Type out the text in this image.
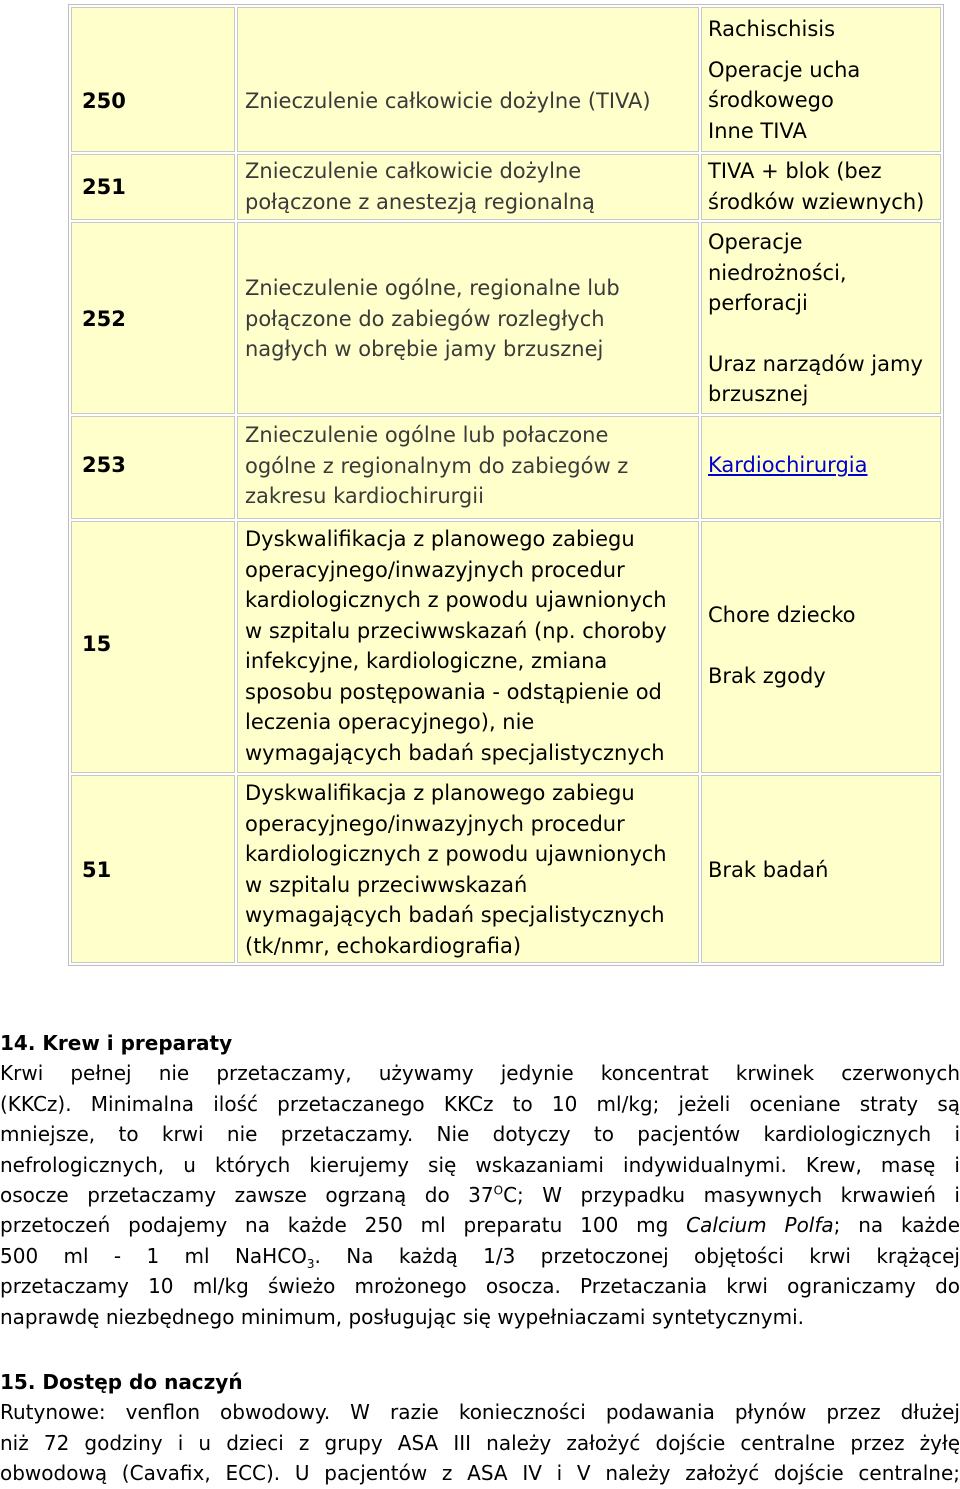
250	Znieczulenie całkowicie dożylne (TIVA)
Rachischisis
Operacje ucha
środkowego
Inne TIVA
251
Znieczulenie całkowicie dożylne
połączone z anestezją regionalną
TIVA + blok (bez
środków wziewnych)
252
Znieczulenie ogólne, regionalne lub
połączone do zabiegów rozległych
nagłych w obrębie jamy brzusznej
Operacje
niedrożności,
perforacji
Uraz narządów jamy
brzusznej
253
Znieczulenie ogólne lub połaczone
ogólne z regionalnym do zabiegów z
zakresu kardiochirurgii
Kardiochirurgia
15
Dyskwalifikacja z planowego zabiegu
operacyjnego/inwazyjnych procedur
kardiologicznych z powodu ujawnionych
w szpitalu przeciwwskazań (np. choroby
infekcyjne, kardiologiczne, zmiana
sposobu postępowania - odstąpienie od
leczenia operacyjnego), nie
wymagających badań specjalistycznych
Chore dziecko
Brak zgody
51
Dyskwalifikacja z planowego zabiegu
operacyjnego/inwazyjnych procedur
kardiologicznych z powodu ujawnionych
w szpitalu przeciwwskazań
wymagających badań specjalistycznych
(tk/nmr, echokardiografia)
Brak badań
14. Krew i preparaty
Krwi pełnej nie przetaczamy, używamy jedynie koncentrat krwinek czerwonych
(KKCz). Minimalna ilość przetaczanego KKCz to 10 ml/kg; jeżeli oceniane straty są
mniejsze, to krwi nie przetaczamy. Nie dotyczy to pacjentów kardiologicznych i
nefrologicznych, u których kierujemy się wskazaniami indywidualnymi. Krew, masę i
osocze przetaczamy zawsze ogrzaną do $37^OC$; W przypadku masywnych krwawień i
przetoczeń podajemy na każde 250 ml preparatu 100 mg Calcium Polfa; na każde
500 ml - 1 ml NaHCO$_3$. Na każdą 1/3 przetoczonej objętości krwi krążącej
przetaczamy 10 ml/kg świeżo mrożonego osocza. Przetaczania krwi ograniczamy do
naprawdę niezbędnego minimum, posługując się wypełniaczami syntetycznymi.
15. Dostęp do naczyń
Rutynowe: venflon obwodowy. W razie konieczności podawania płynów przez dłużej
niż 72 godziny i u dzieci z grupy ASA III należy założyć dojście centralne przez żyłę
obwodową (Cavafix, ECC). U pacjentów z ASA IV i V należy założyć dojście centralne;
